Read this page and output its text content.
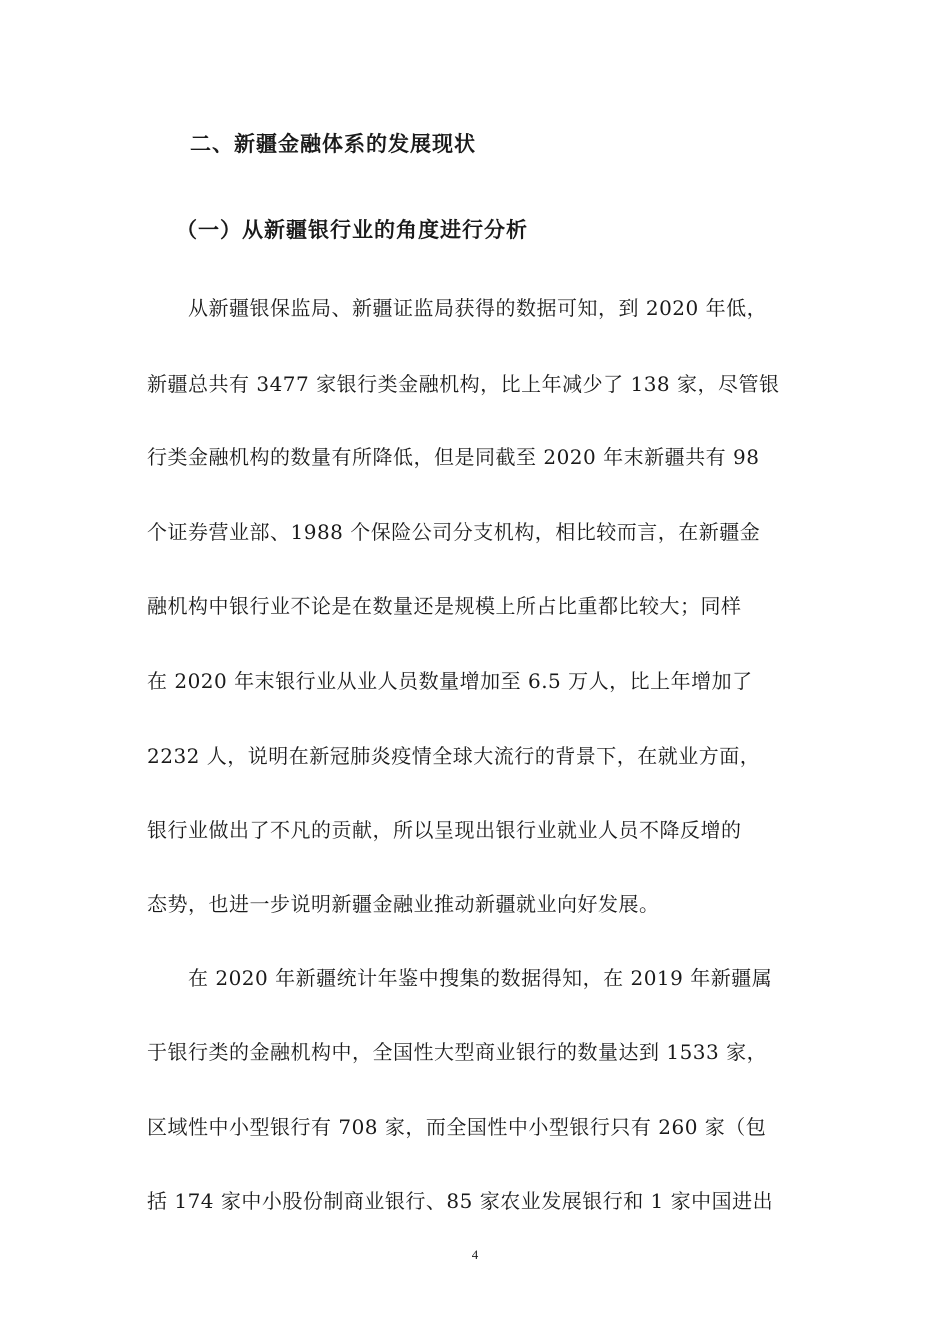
二、新疆金融体系的发展现状
（一）从新疆银行业的角度进行分析
　　从新疆银保监局、新疆证监局获得的数据可知，到 2020 年低，
新疆总共有 3477 家银行类金融机构，比上年减少了 138 家，尽管银
行类金融机构的数量有所降低，但是同截至 2020 年末新疆共有 98
个证券营业部、1988 个保险公司分支机构，相比较而言，在新疆金
融机构中银行业不论是在数量还是规模上所占比重都比较大；同样
在 2020 年末银行业从业人员数量增加至 6.5 万人，比上年增加了
2232 人，说明在新冠肺炎疫情全球大流行的背景下，在就业方面，
银行业做出了不凡的贡献，所以呈现出银行业就业人员不降反增的
态势，也进一步说明新疆金融业推动新疆就业向好发展。
　　在 2020 年新疆统计年鉴中搜集的数据得知，在 2019 年新疆属
于银行类的金融机构中，全国性大型商业银行的数量达到 1533 家，
区域性中小型银行有 708 家，而全国性中小型银行只有 260 家（包
括 174 家中小股份制商业银行、85 家农业发展银行和 1 家中国进出
4
